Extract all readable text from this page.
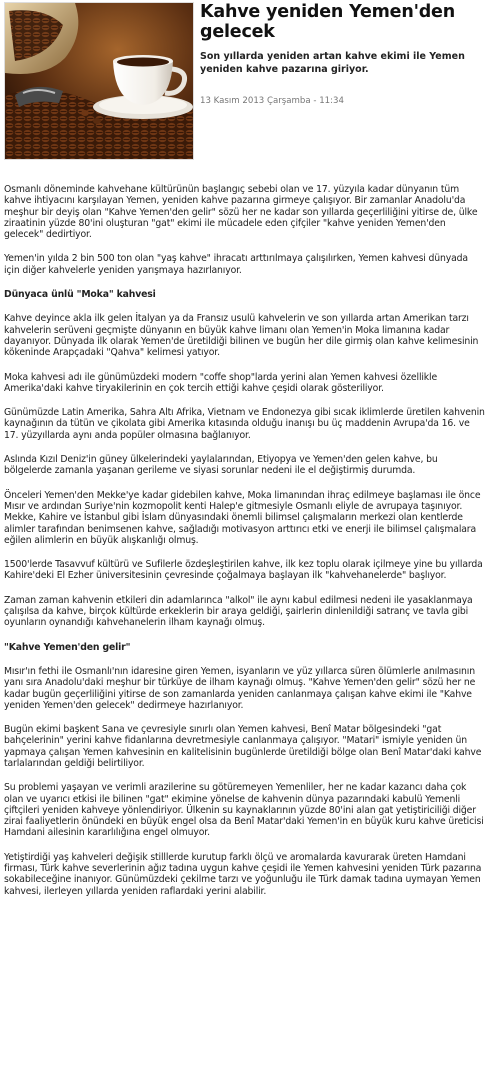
Kahve yeniden Yemen'den gelecek

Son yıllarda yeniden artan kahve ekimi ile Yemen yeniden kahve pazarına giriyor.

13 Kasım 2013 Çarşamba - 11:34

Osmanlı döneminde kahvehane kültürünün başlangıç sebebi olan ve 17. yüzyıla kadar dünyanın tüm kahve ihtiyacını karşılayan Yemen, yeniden kahve pazarına girmeye çalışıyor. Bir zamanlar Anadolu'da meşhur bir deyiş olan "Kahve Yemen'den gelir" sözü her ne kadar son yıllarda geçerliliğini yitirse de, ülke ziraatinin yüzde 80'ini oluşturan "gat" ekimi ile mücadele eden çifçiler "kahve yeniden Yemen'den gelecek" dedirtiyor.

Yemen'in yılda 2 bin 500 ton olan "yaş kahve" ihracatı arttırılmaya çalışılırken, Yemen kahvesi dünyada için diğer kahvelerle yeniden yarışmaya hazırlanıyor.

Dünyaca ünlü "Moka" kahvesi

Kahve deyince akla ilk gelen İtalyan ya da Fransız usulü kahvelerin ve son yıllarda artan Amerikan tarzı kahvelerin serüveni geçmişte dünyanın en büyük kahve limanı olan Yemen'in Moka limanına kadar dayanıyor. Dünyada ilk olarak Yemen'de üretildiği bilinen ve bugün her dile girmiş olan kahve kelimesinin kökeninde Arapçadaki "Qahva" kelimesi yatıyor.

Moka kahvesi adı ile günümüzdeki modern "coffe shop"larda yerini alan Yemen kahvesi özellikle Amerika'daki kahve tiryakilerinin en çok tercih ettiği kahve çeşidi olarak gösteriliyor.

Günümüzde Latin Amerika, Sahra Altı Afrika, Vietnam ve Endonezya gibi sıcak iklimlerde üretilen kahvenin kaynağının da tütün ve çikolata gibi Amerika kıtasında olduğu inanışı bu üç maddenin Avrupa'da 16. ve 17. yüzyıllarda aynı anda popüler olmasına bağlanıyor.

Aslında Kızıl Deniz'in güney ülkelerindeki yaylalarından, Etiyopya ve Yemen'den gelen kahve, bu bölgelerde zamanla yaşanan gerileme ve siyasi sorunlar nedeni ile el değiştirmiş durumda.

Önceleri Yemen'den Mekke'ye kadar gidebilen kahve, Moka limanından ihraç edilmeye başlaması ile önce Mısır ve ardından Suriye'nin kozmopolit kenti Halep'e gitmesiyle Osmanlı eliyle de avrupaya taşınıyor. Mekke, Kahire ve İstanbul gibi İslam dünyasındaki önemli bilimsel çalışmaların merkezi olan kentlerde alimler tarafından benimsenen kahve, sağladığı motivasyon arttırıcı etki ve enerji ile bilimsel çalışmalara eğilen alimlerin en büyük alışkanlığı olmuş.

1500'lerde Tasavvuf kültürü ve Sufilerle özdeşleştirilen kahve, ilk kez toplu olarak içilmeye yine bu yıllarda Kahire'deki El Ezher üniversitesinin çevresinde çoğalmaya başlayan ilk "kahvehanelerde" başlıyor.

Zaman zaman kahvenin etkileri din adamlarınca "alkol" ile aynı kabul edilmesi nedeni ile yasaklanmaya çalışılsa da kahve, birçok kültürde erkeklerin bir araya geldiği, şairlerin dinlenildiği satranç ve tavla gibi oyunların oynandığı kahvehanelerin ilham kaynağı olmuş.

"Kahve Yemen'den gelir"

Mısır'ın fethi ile Osmanlı'nın idaresine giren Yemen, isyanların ve yüz yıllarca süren ölümlerle anılmasının yanı sıra Anadolu'daki meşhur bir türküye de ilham kaynağı olmuş. "Kahve Yemen'den gelir" sözü her ne kadar bugün geçerliliğini yitirse de son zamanlarda yeniden canlanmaya çalışan kahve ekimi ile "Kahve yeniden Yemen'den gelecek" dedirmeye hazırlanıyor.

Bugün ekimi başkent Sana ve çevresiyle sınırlı olan Yemen kahvesi, Benî Matar bölgesindeki "gat bahçelerinin" yerini kahve fidanlarına devretmesiyle canlanmaya çalışıyor. "Matari" ismiyle yeniden ün yapmaya çalışan Yemen kahvesinin en kalitelisinin bugünlerde üretildiği bölge olan Benî Matar'daki kahve tarlalarından geldiği belirtiliyor.

Su problemi yaşayan ve verimli arazilerine su götüremeyen Yemenliler, her ne kadar kazancı daha çok olan ve uyarıcı etkisi ile bilinen "gat" ekimine yönelse de kahvenin dünya pazarındaki kabulü Yemenli çiftçileri yeniden kahveye yönlendiriyor. Ülkenin su kaynaklarının yüzde 80'ini alan gat yetiştiriciliği diğer zirai faaliyetlerin önündeki en büyük engel olsa da Benî Matar'daki Yemen'in en büyük kuru kahve üreticisi Hamdani ailesinin kararlılığına engel olmuyor.

Yetiştirdiği yaş kahveleri değişik stilllerde kurutup farklı ölçü ve aromalarda kavurarak üreten Hamdani firması, Türk kahve severlerinin ağız tadına uygun kahve çeşidi ile Yemen kahvesini yeniden Türk pazarına sokabileceğine inanıyor. Günümüzdeki çekilme tarzı ve yoğunluğu ile Türk damak tadına uymayan Yemen kahvesi, ilerleyen yıllarda yeniden raflardaki yerini alabilir.
